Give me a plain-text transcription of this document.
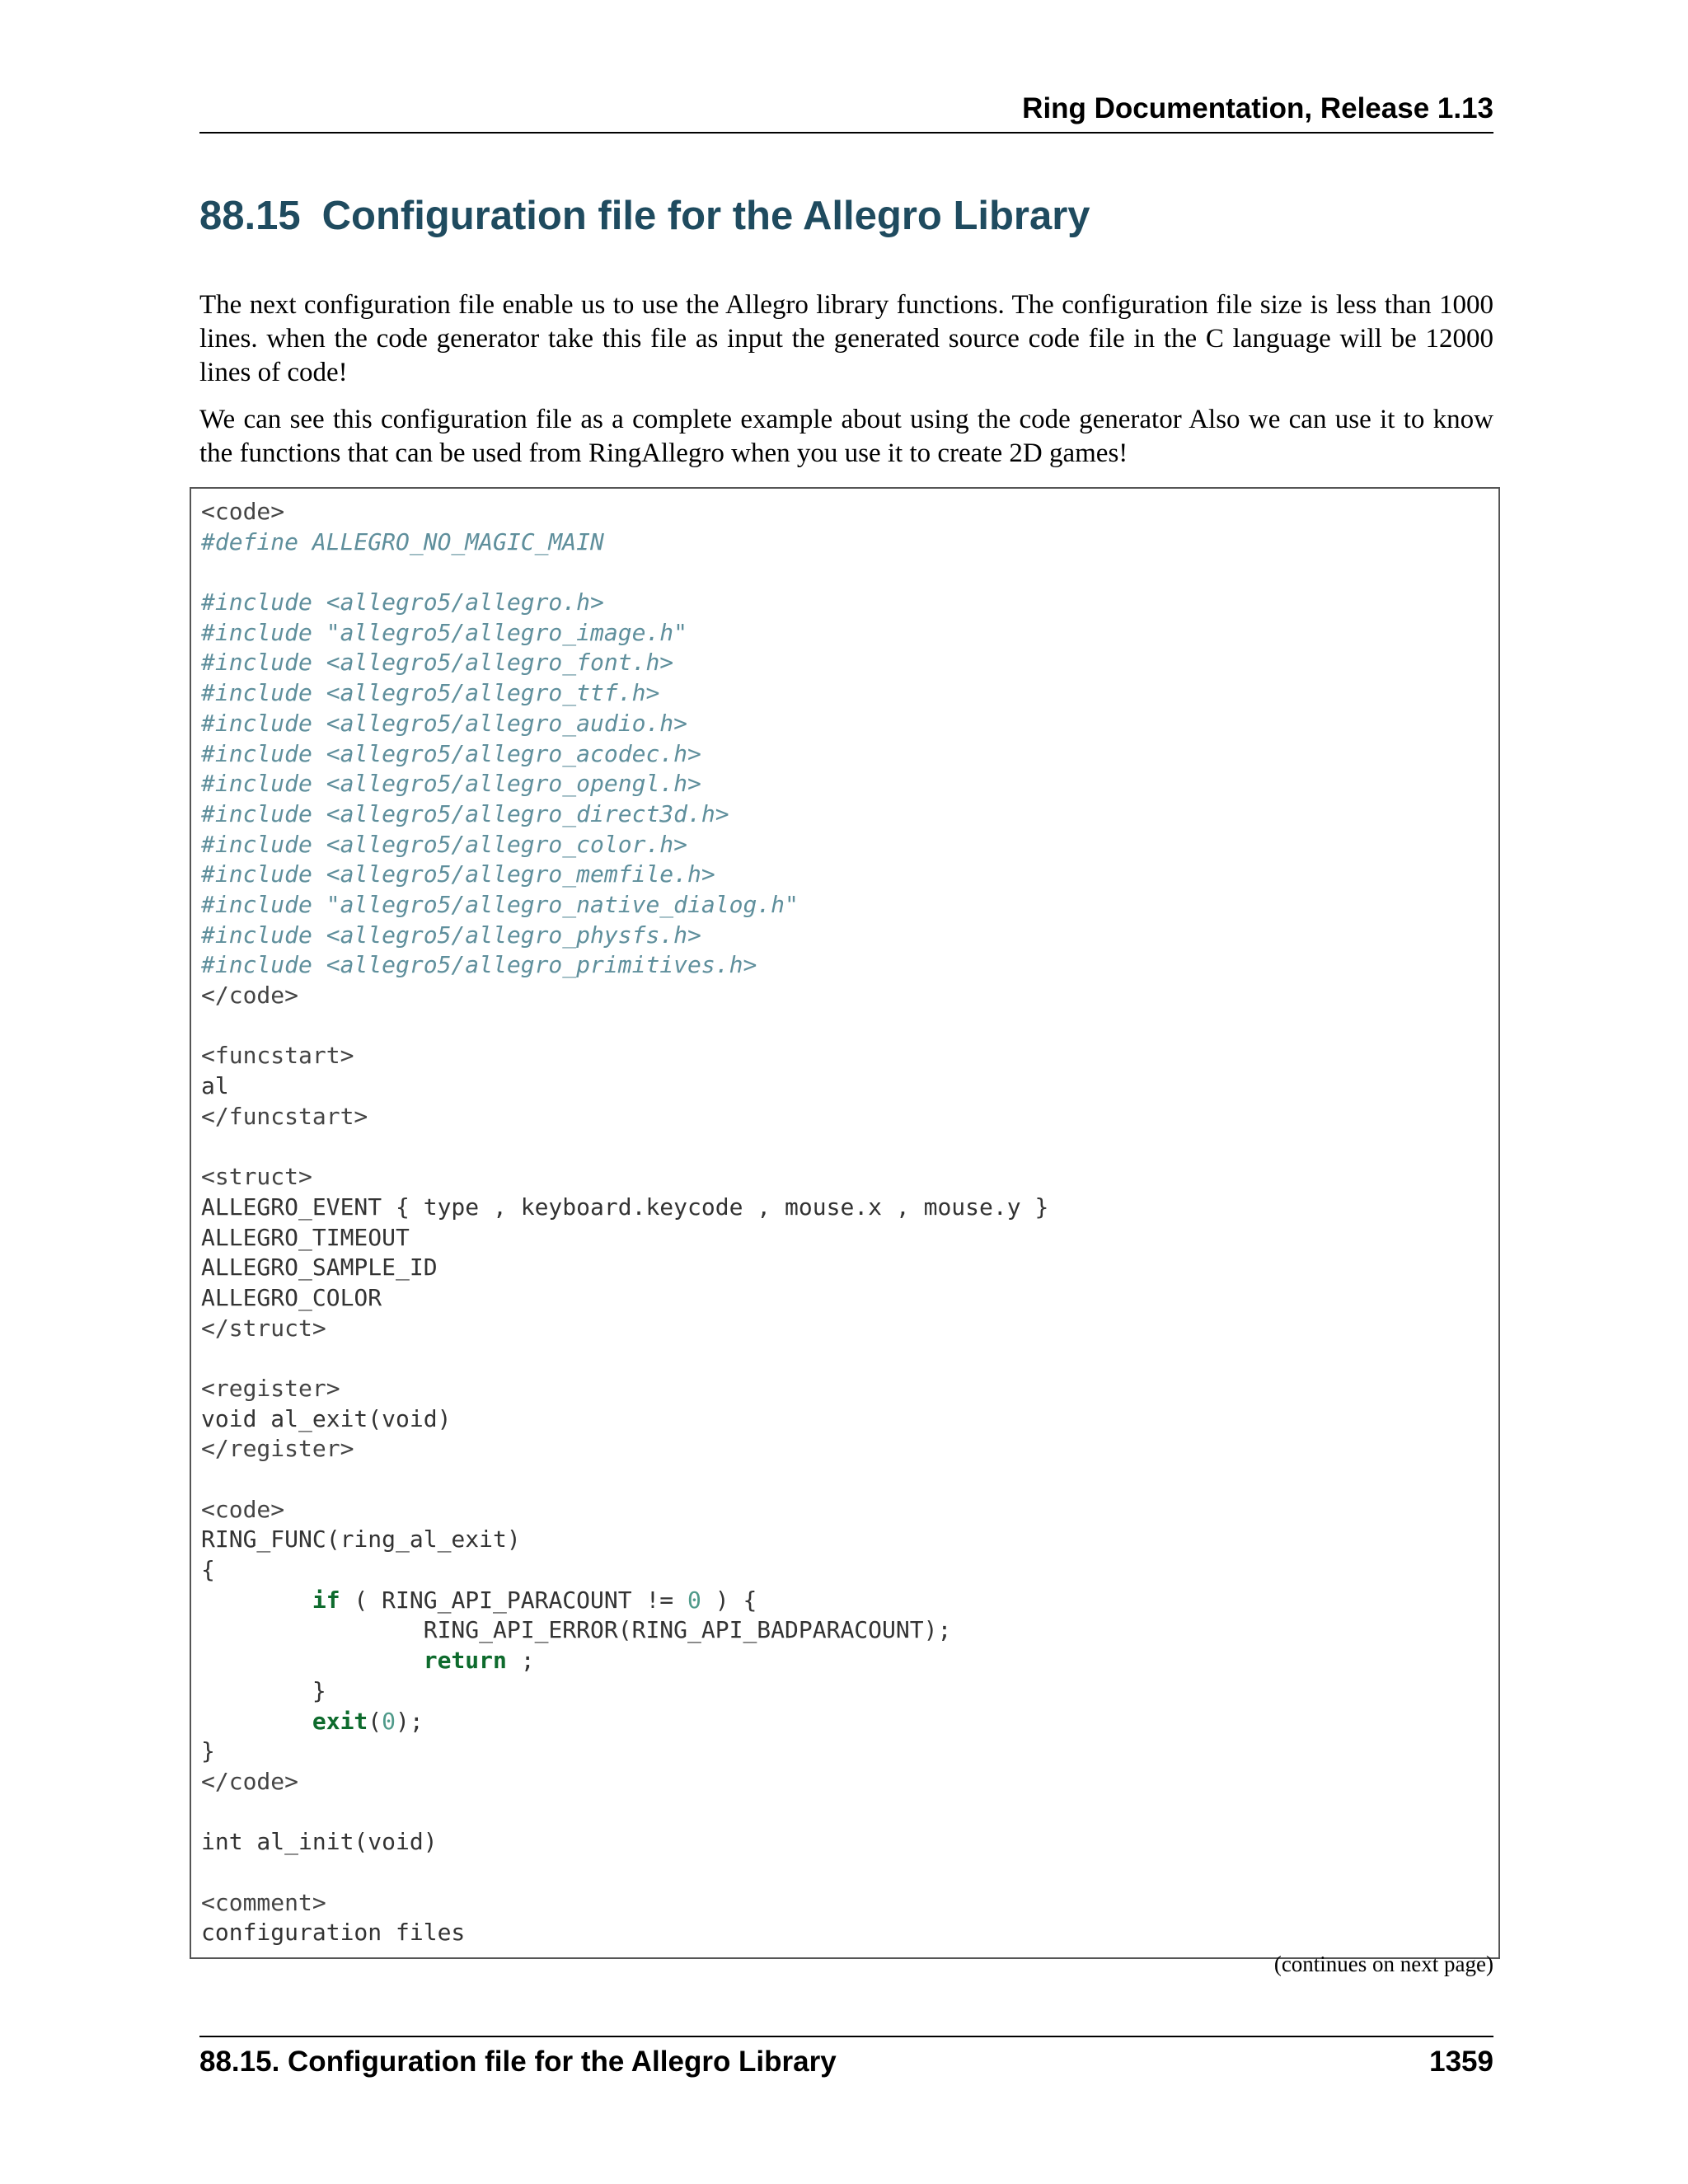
Ring Documentation, Release 1.13
88.15 Configuration file for the Allegro Library

The next configuration file enable us to use the Allegro library functions. The configuration file size is less than 1000 lines. when the code generator take this file as input the generated source code file in the C language will be 12000 lines of code!

We can see this configuration file as a complete example about using the code generator Also we can use it to know the functions that can be used from RingAllegro when you use it to create 2D games!

<code>
#define ALLEGRO_NO_MAGIC_MAIN

#include <allegro5/allegro.h>
#include "allegro5/allegro_image.h"
#include <allegro5/allegro_font.h>
#include <allegro5/allegro_ttf.h>
#include <allegro5/allegro_audio.h>
#include <allegro5/allegro_acodec.h>
#include <allegro5/allegro_opengl.h>
#include <allegro5/allegro_direct3d.h>
#include <allegro5/allegro_color.h>
#include <allegro5/allegro_memfile.h>
#include "allegro5/allegro_native_dialog.h"
#include <allegro5/allegro_physfs.h>
#include <allegro5/allegro_primitives.h>
</code>

<funcstart>
al
</funcstart>

<struct>
ALLEGRO_EVENT { type , keyboard.keycode , mouse.x , mouse.y }
ALLEGRO_TIMEOUT
ALLEGRO_SAMPLE_ID
ALLEGRO_COLOR
</struct>

<register>
void al_exit(void)
</register>

<code>
RING_FUNC(ring_al_exit)
{
if ( RING_API_PARACOUNT != 0 ) {
RING_API_ERROR(RING_API_BADPARACOUNT);
return ;
}
exit(0);
}
</code>

int al_init(void)

<comment>
configuration files
(continues on next page)
88.15. Configuration file for the Allegro Library	1359
